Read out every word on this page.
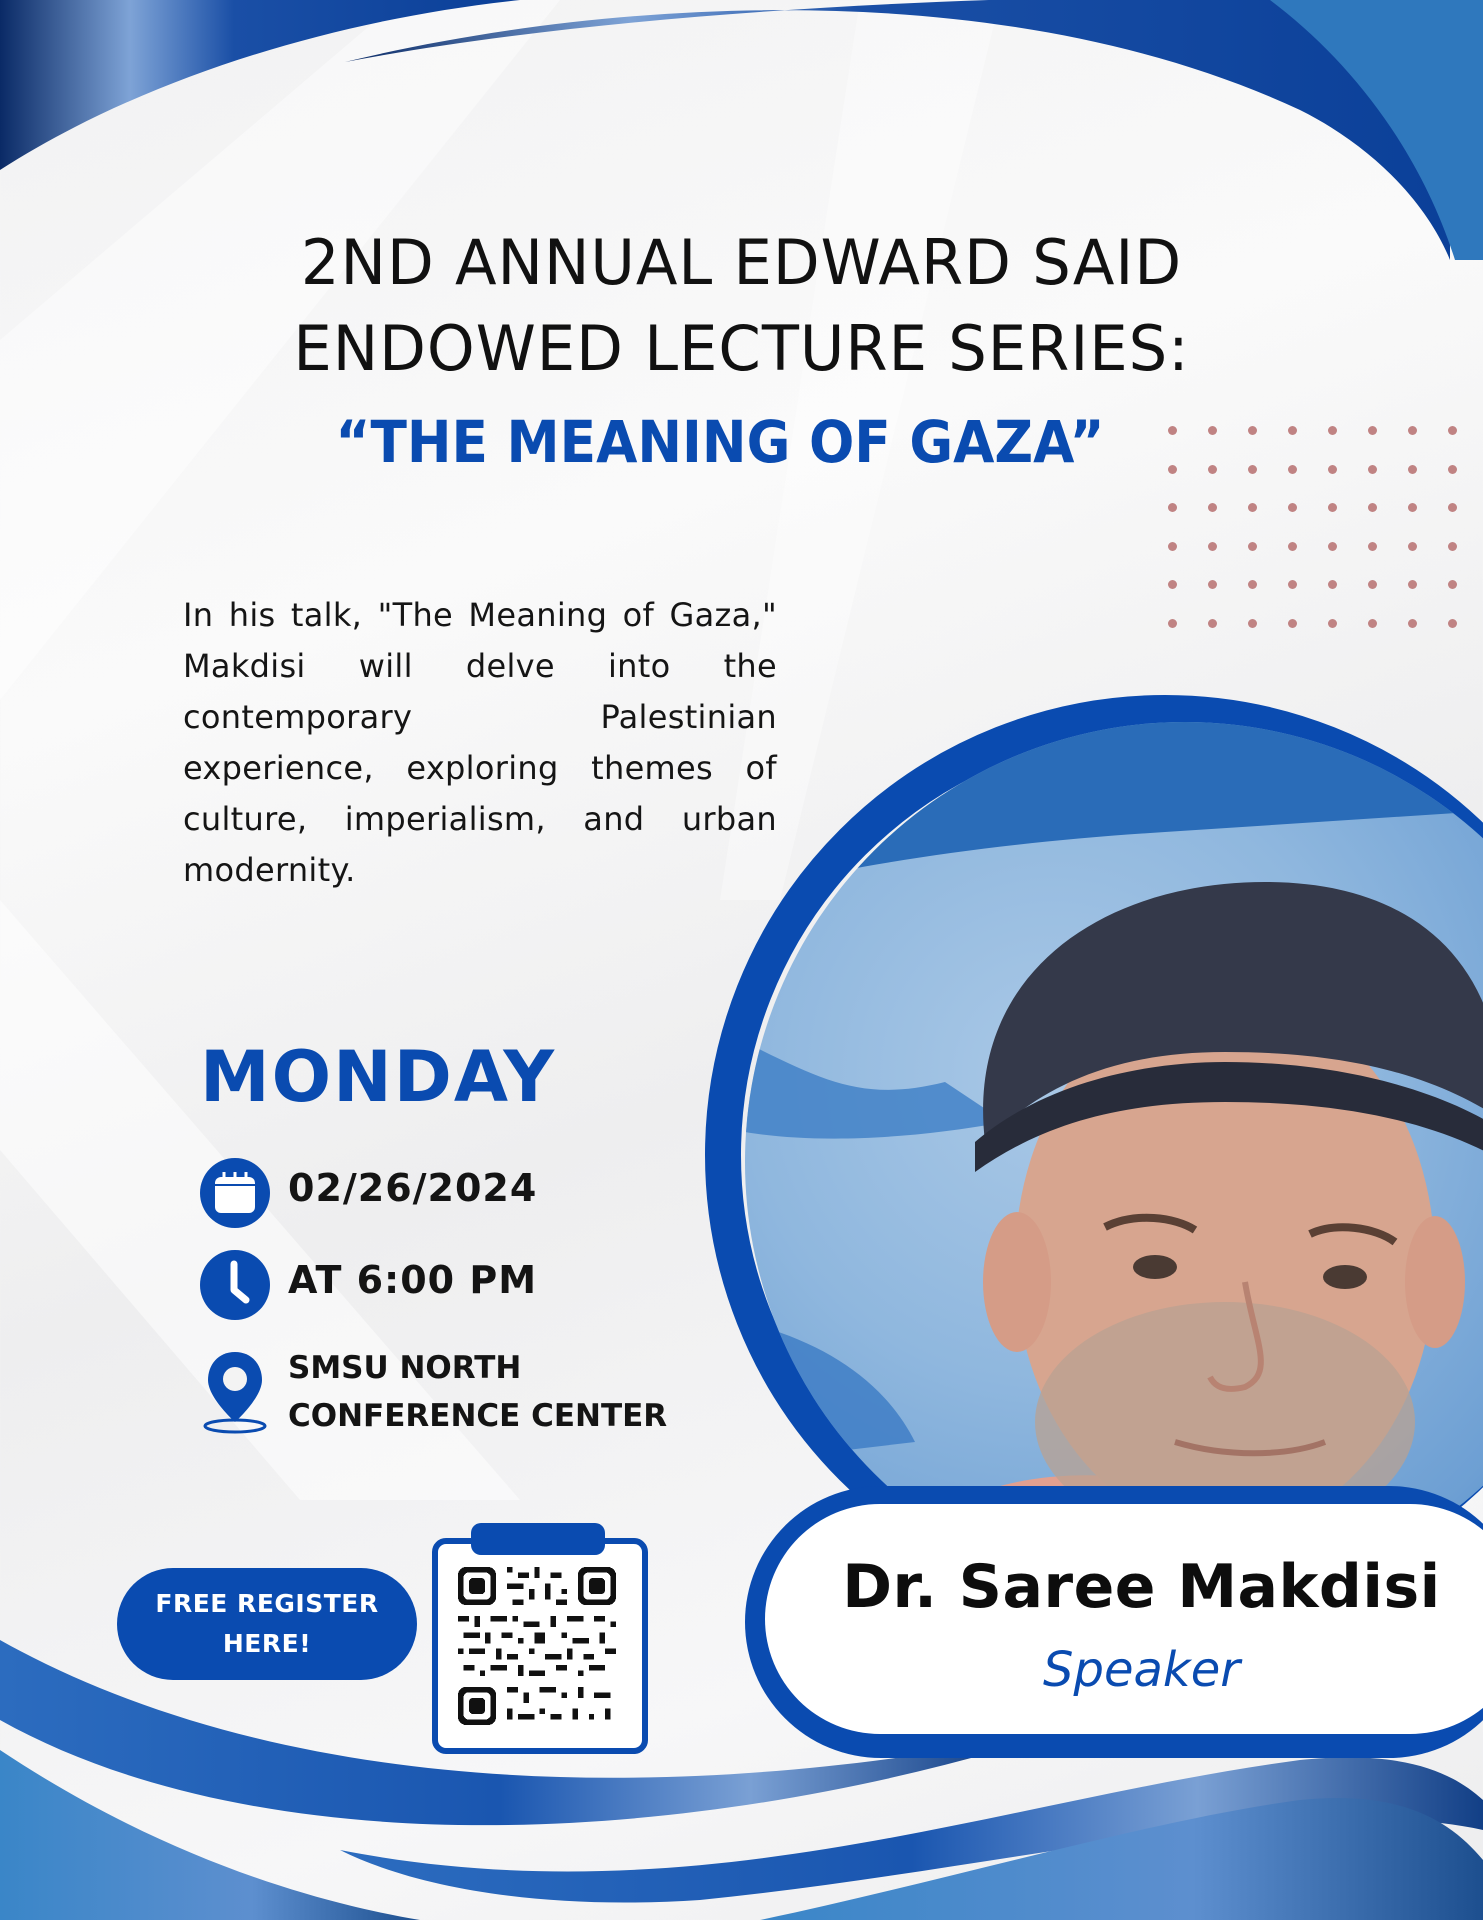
2ND ANNUAL EDWARD SAID
ENDOWED LECTURE SERIES:
“THE MEANING OF GAZA”

In his talk, "The Meaning of Gaza," Makdisi will delve into the contemporary Palestinian experience, exploring themes of culture, imperialism, and urban modernity.

MONDAY
02/26/2024
AT 6:00 PM
SMSU NORTH
CONFERENCE CENTER
FREE REGISTER
HERE!
Dr. Saree Makdisi
Speaker
